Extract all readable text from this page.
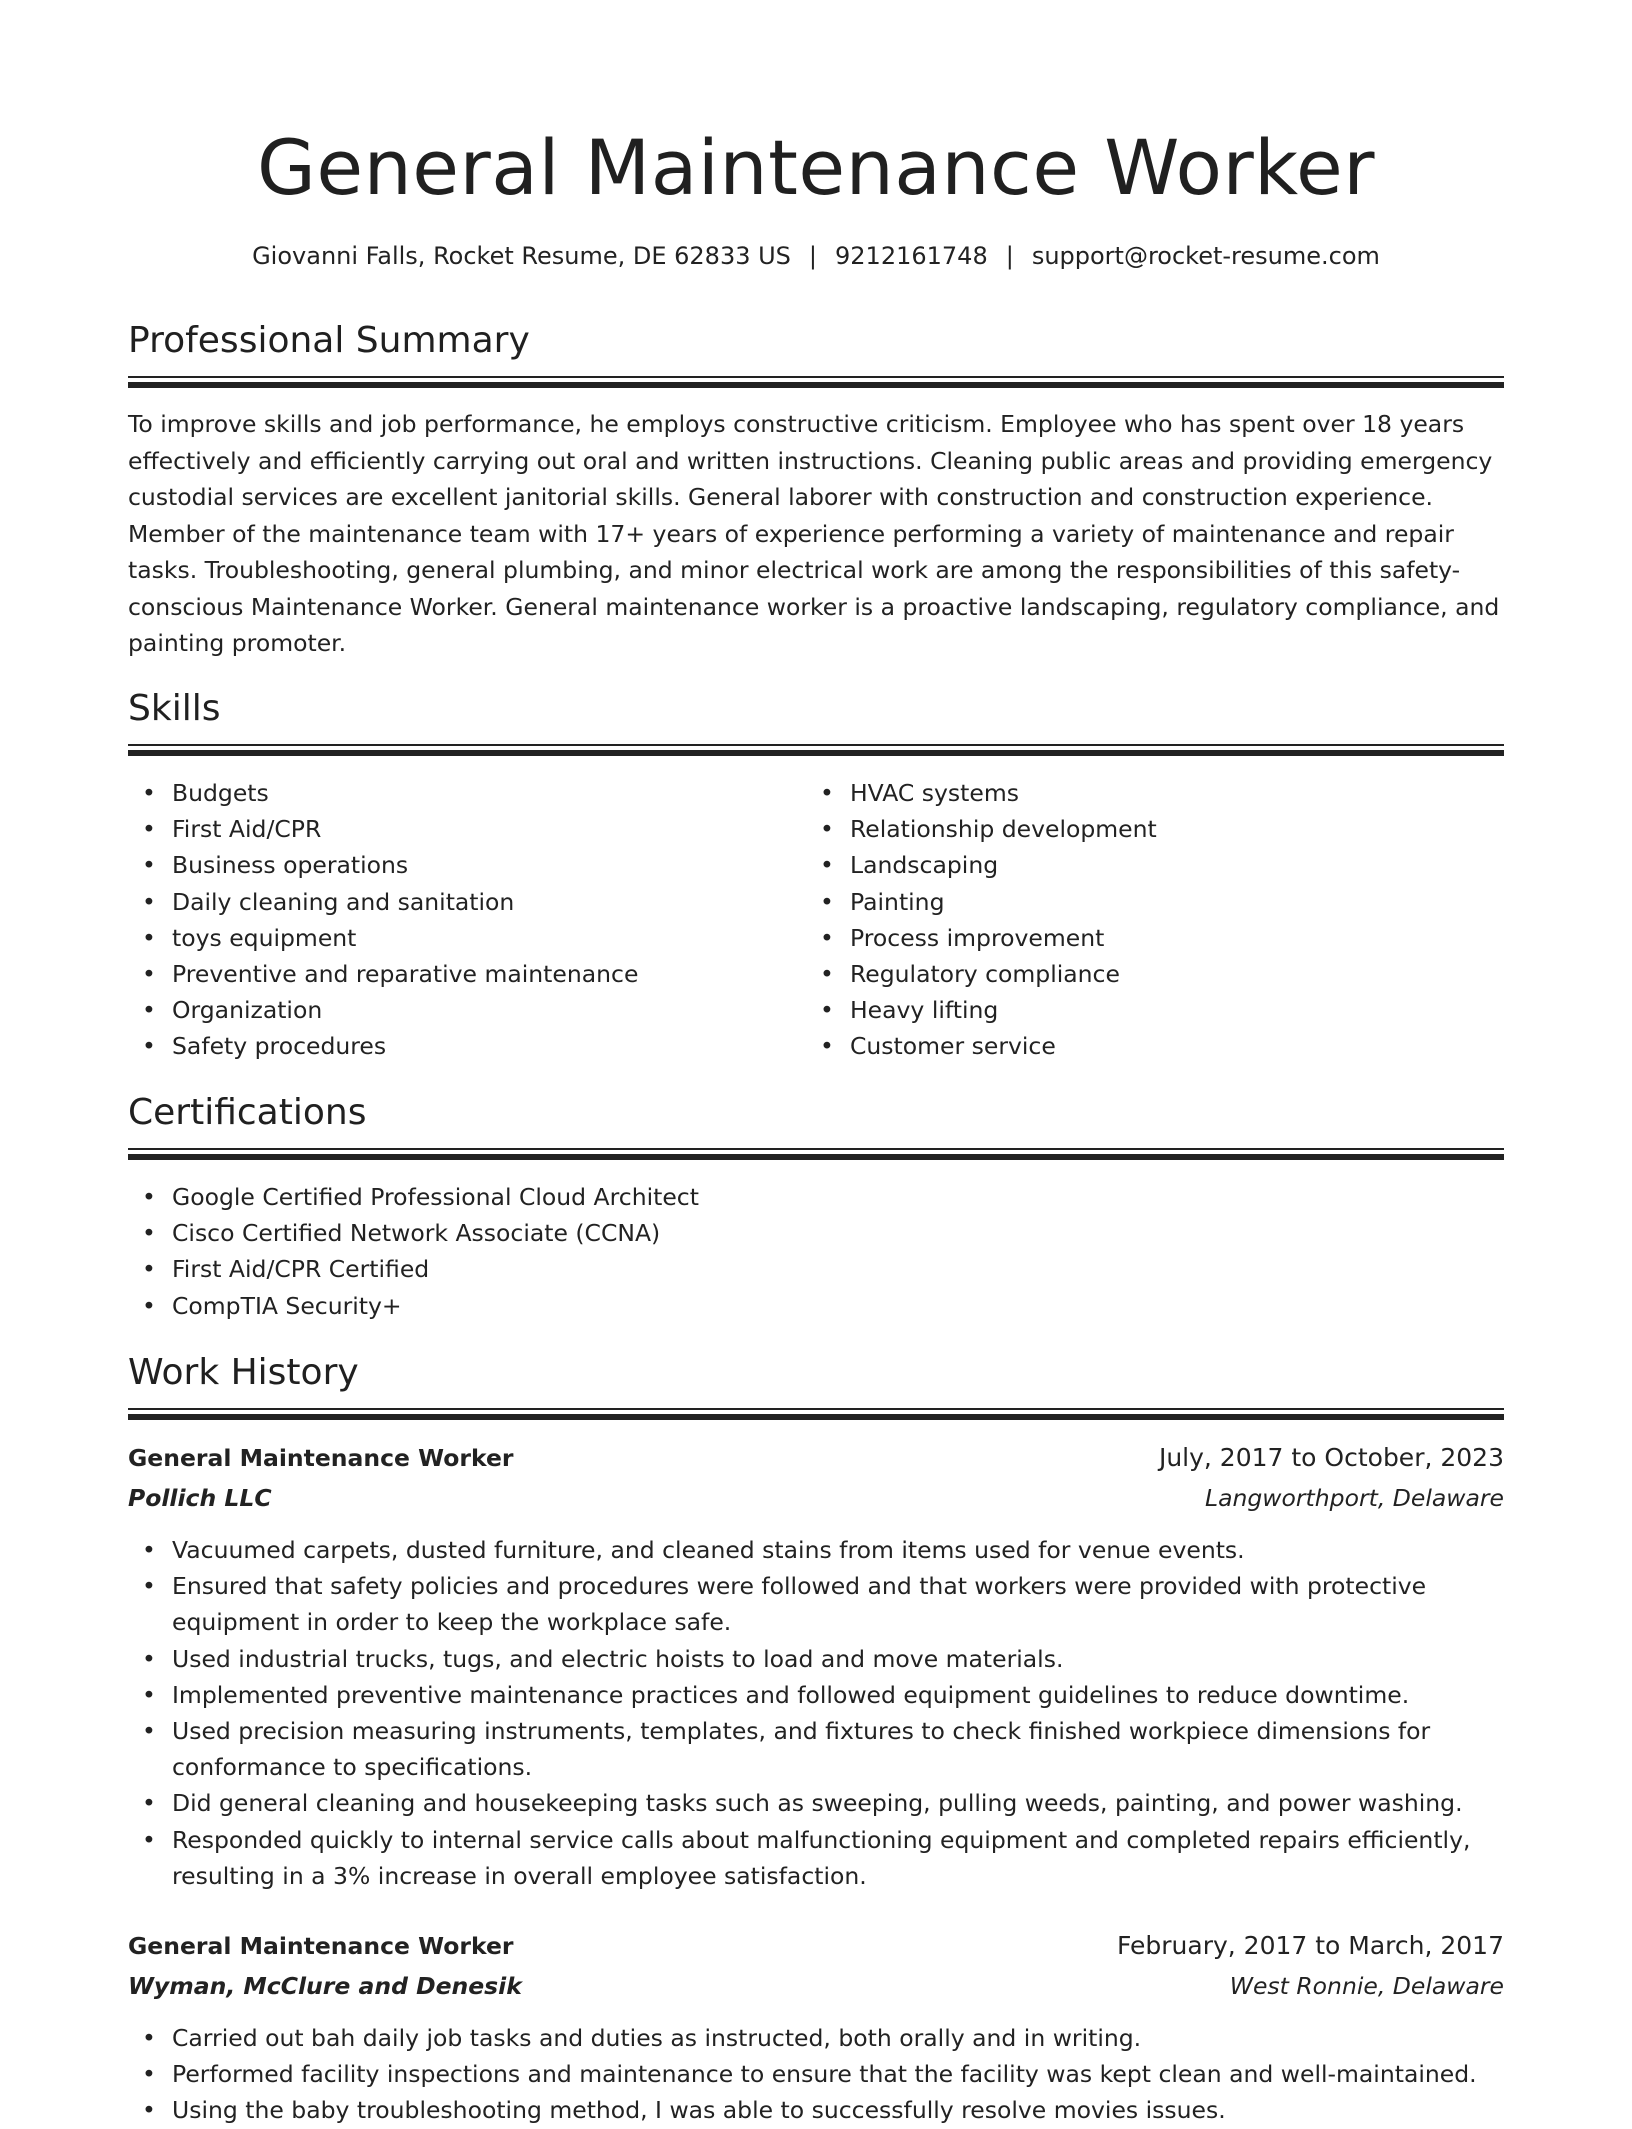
General Maintenance Worker
Giovanni Falls, Rocket Resume, DE 62833 US | 9212161748 | support@rocket-resume.com
Professional Summary

To improve skills and job performance, he employs constructive criticism. Employee who has spent over 18 years effectively and efficiently carrying out oral and written instructions. Cleaning public areas and providing emergency custodial services are excellent janitorial skills. General laborer with construction and construction experience. Member of the maintenance team with 17+ years of experience performing a variety of maintenance and repair tasks. Troubleshooting, general plumbing, and minor electrical work are among the responsibilities of this safety-conscious Maintenance Worker. General maintenance worker is a proactive landscaping, regulatory compliance, and painting promoter.

Skills
• Budgets
• First Aid/CPR
• Business operations
• Daily cleaning and sanitation
• toys equipment
• Preventive and reparative maintenance
• Organization
• Safety procedures
• HVAC systems
• Relationship development
• Landscaping
• Painting
• Process improvement
• Regulatory compliance
• Heavy lifting
• Customer service
Certifications
• Google Certified Professional Cloud Architect
• Cisco Certified Network Associate (CCNA)
• First Aid/CPR Certified
• CompTIA Security+
Work History
General Maintenance Worker	July, 2017 to October, 2023
Pollich LLC	Langworthport, Delaware
• Vacuumed carpets, dusted furniture, and cleaned stains from items used for venue events.
• Ensured that safety policies and procedures were followed and that workers were provided with protective equipment in order to keep the workplace safe.
• Used industrial trucks, tugs, and electric hoists to load and move materials.
• Implemented preventive maintenance practices and followed equipment guidelines to reduce downtime.
• Used precision measuring instruments, templates, and fixtures to check finished workpiece dimensions for conformance to specifications.
• Did general cleaning and housekeeping tasks such as sweeping, pulling weeds, painting, and power washing.
• Responded quickly to internal service calls about malfunctioning equipment and completed repairs efficiently, resulting in a 3% increase in overall employee satisfaction.
General Maintenance Worker	February, 2017 to March, 2017
Wyman, McClure and Denesik	West Ronnie, Delaware
• Carried out bah daily job tasks and duties as instructed, both orally and in writing.
• Performed facility inspections and maintenance to ensure that the facility was kept clean and well-maintained.
• Using the baby troubleshooting method, I was able to successfully resolve movies issues.
